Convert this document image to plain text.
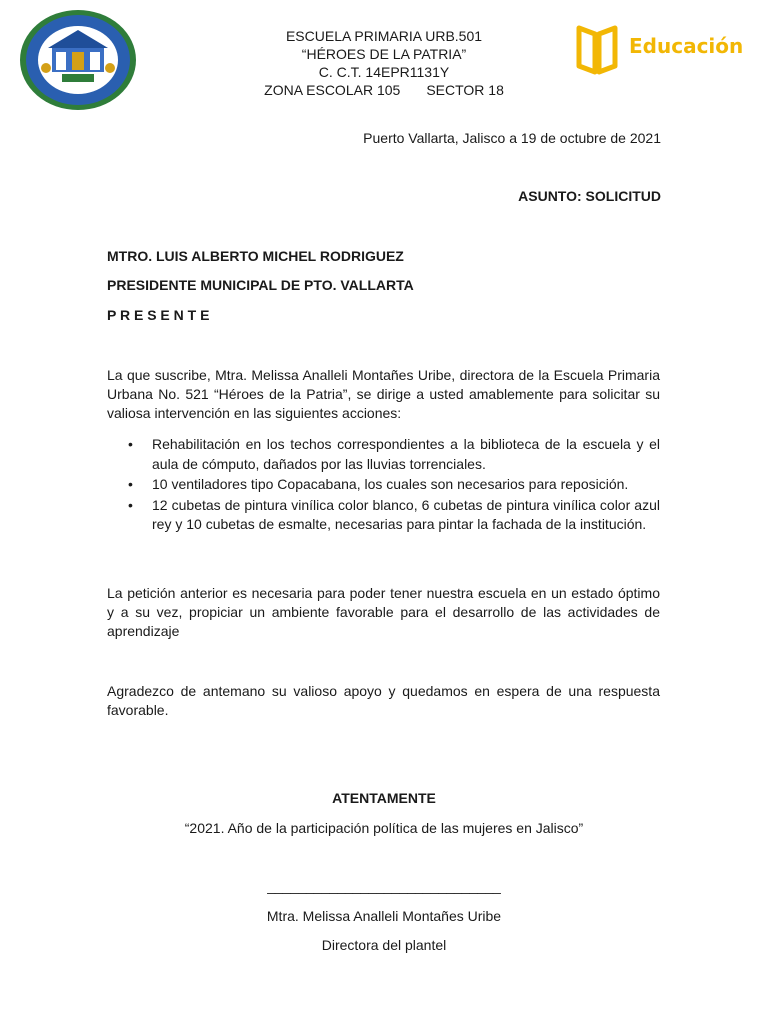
Educación
ESCUELA PRIMARIA URB.501
“HÉROES DE LA PATRIA”
C. C.T. 14EPR1131Y
ZONA ESCOLAR 105 SECTOR 18
Puerto Vallarta, Jalisco a 19 de octubre de 2021
ASUNTO: SOLICITUD
MTRO. LUIS ALBERTO MICHEL RODRIGUEZ
PRESIDENTE MUNICIPAL DE PTO. VALLARTA
P R E S E N T E
La que suscribe, Mtra. Melissa Analleli Montañes Uribe, directora de la Escuela Primaria Urbana No. 521 “Héroes de la Patria”, se dirige a usted amablemente para solicitar su valiosa intervención en las siguientes acciones:
• Rehabilitación en los techos correspondientes a la biblioteca de la escuela y el aula de cómputo, dañados por las lluvias torrenciales.
• 10 ventiladores tipo Copacabana, los cuales son necesarios para reposición.
• 12 cubetas de pintura vinílica color blanco, 6 cubetas de pintura vinílica color azul rey y 10 cubetas de esmalte, necesarias para pintar la fachada de la institución.
La petición anterior es necesaria para poder tener nuestra escuela en un estado óptimo y a su vez, propiciar un ambiente favorable para el desarrollo de las actividades de aprendizaje
Agradezco de antemano su valioso apoyo y quedamos en espera de una respuesta favorable.
ATENTAMENTE
“2021. Año de la participación política de las mujeres en Jalisco”
______________________________
Mtra. Melissa Analleli Montañes Uribe
Directora del plantel
